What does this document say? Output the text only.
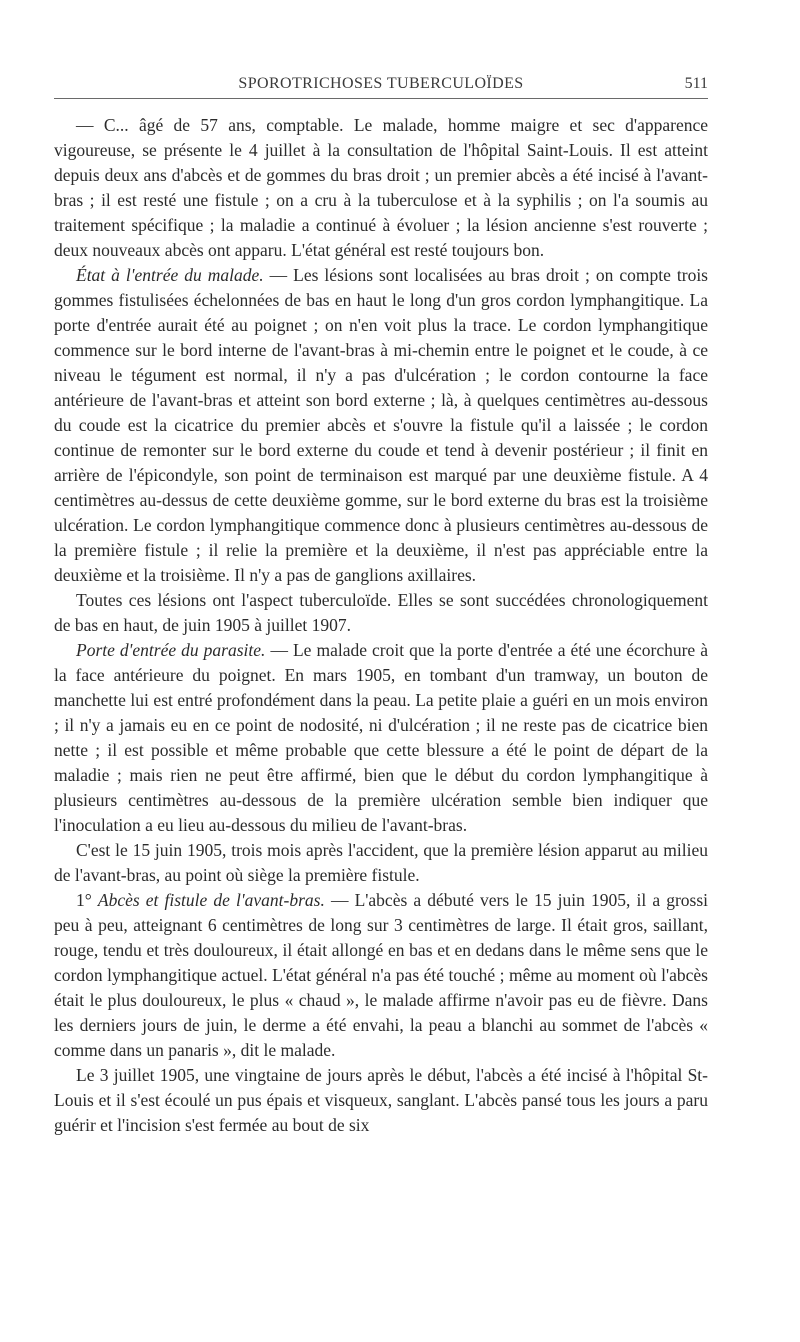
SPOROTRICHOSES TUBERCULOÏDES	511

— C... âgé de 57 ans, comptable. Le malade, homme maigre et sec d'apparence vigoureuse, se présente le 4 juillet à la consultation de l'hôpital Saint-Louis. Il est atteint depuis deux ans d'abcès et de gommes du bras droit ; un premier abcès a été incisé à l'avant-bras ; il est resté une fistule ; on a cru à la tuberculose et à la syphilis ; on l'a soumis au traitement spécifique ; la maladie a continué à évoluer ; la lésion ancienne s'est rouverte ; deux nouveaux abcès ont apparu. L'état général est resté toujours bon.

État à l'entrée du malade. — Les lésions sont localisées au bras droit ; on compte trois gommes fistulisées échelonnées de bas en haut le long d'un gros cordon lymphangitique. La porte d'entrée aurait été au poignet ; on n'en voit plus la trace. Le cordon lymphangitique commence sur le bord interne de l'avant-bras à mi-chemin entre le poignet et le coude, à ce niveau le tégument est normal, il n'y a pas d'ulcération ; le cordon contourne la face antérieure de l'avant-bras et atteint son bord externe ; là, à quelques centimètres au-dessous du coude est la cicatrice du premier abcès et s'ouvre la fistule qu'il a laissée ; le cordon continue de remonter sur le bord externe du coude et tend à devenir postérieur ; il finit en arrière de l'épicondyle, son point de terminaison est marqué par une deuxième fistule. A 4 centimètres au-dessus de cette deuxième gomme, sur le bord externe du bras est la troisième ulcération. Le cordon lymphangitique commence donc à plusieurs centimètres au-dessous de la première fistule ; il relie la première et la deuxième, il n'est pas appréciable entre la deuxième et la troisième. Il n'y a pas de ganglions axillaires.

Toutes ces lésions ont l'aspect tuberculoïde. Elles se sont succédées chronologiquement de bas en haut, de juin 1905 à juillet 1907.

Porte d'entrée du parasite. — Le malade croit que la porte d'entrée a été une écorchure à la face antérieure du poignet. En mars 1905, en tombant d'un tramway, un bouton de manchette lui est entré profondément dans la peau. La petite plaie a guéri en un mois environ ; il n'y a jamais eu en ce point de nodosité, ni d'ulcération ; il ne reste pas de cicatrice bien nette ; il est possible et même probable que cette blessure a été le point de départ de la maladie ; mais rien ne peut être affirmé, bien que le début du cordon lymphangitique à plusieurs centimètres au-dessous de la première ulcération semble bien indiquer que l'inoculation a eu lieu au-dessous du milieu de l'avant-bras.

C'est le 15 juin 1905, trois mois après l'accident, que la première lésion apparut au milieu de l'avant-bras, au point où siège la première fistule.

1° Abcès et fistule de l'avant-bras. — L'abcès a débuté vers le 15 juin 1905, il a grossi peu à peu, atteignant 6 centimètres de long sur 3 centimètres de large. Il était gros, saillant, rouge, tendu et très douloureux, il était allongé en bas et en dedans dans le même sens que le cordon lymphangitique actuel. L'état général n'a pas été touché ; même au moment où l'abcès était le plus douloureux, le plus « chaud », le malade affirme n'avoir pas eu de fièvre. Dans les derniers jours de juin, le derme a été envahi, la peau a blanchi au sommet de l'abcès « comme dans un panaris », dit le malade.

Le 3 juillet 1905, une vingtaine de jours après le début, l'abcès a été incisé à l'hôpital St-Louis et il s'est écoulé un pus épais et visqueux, sanglant. L'abcès pansé tous les jours a paru guérir et l'incision s'est fermée au bout de six
